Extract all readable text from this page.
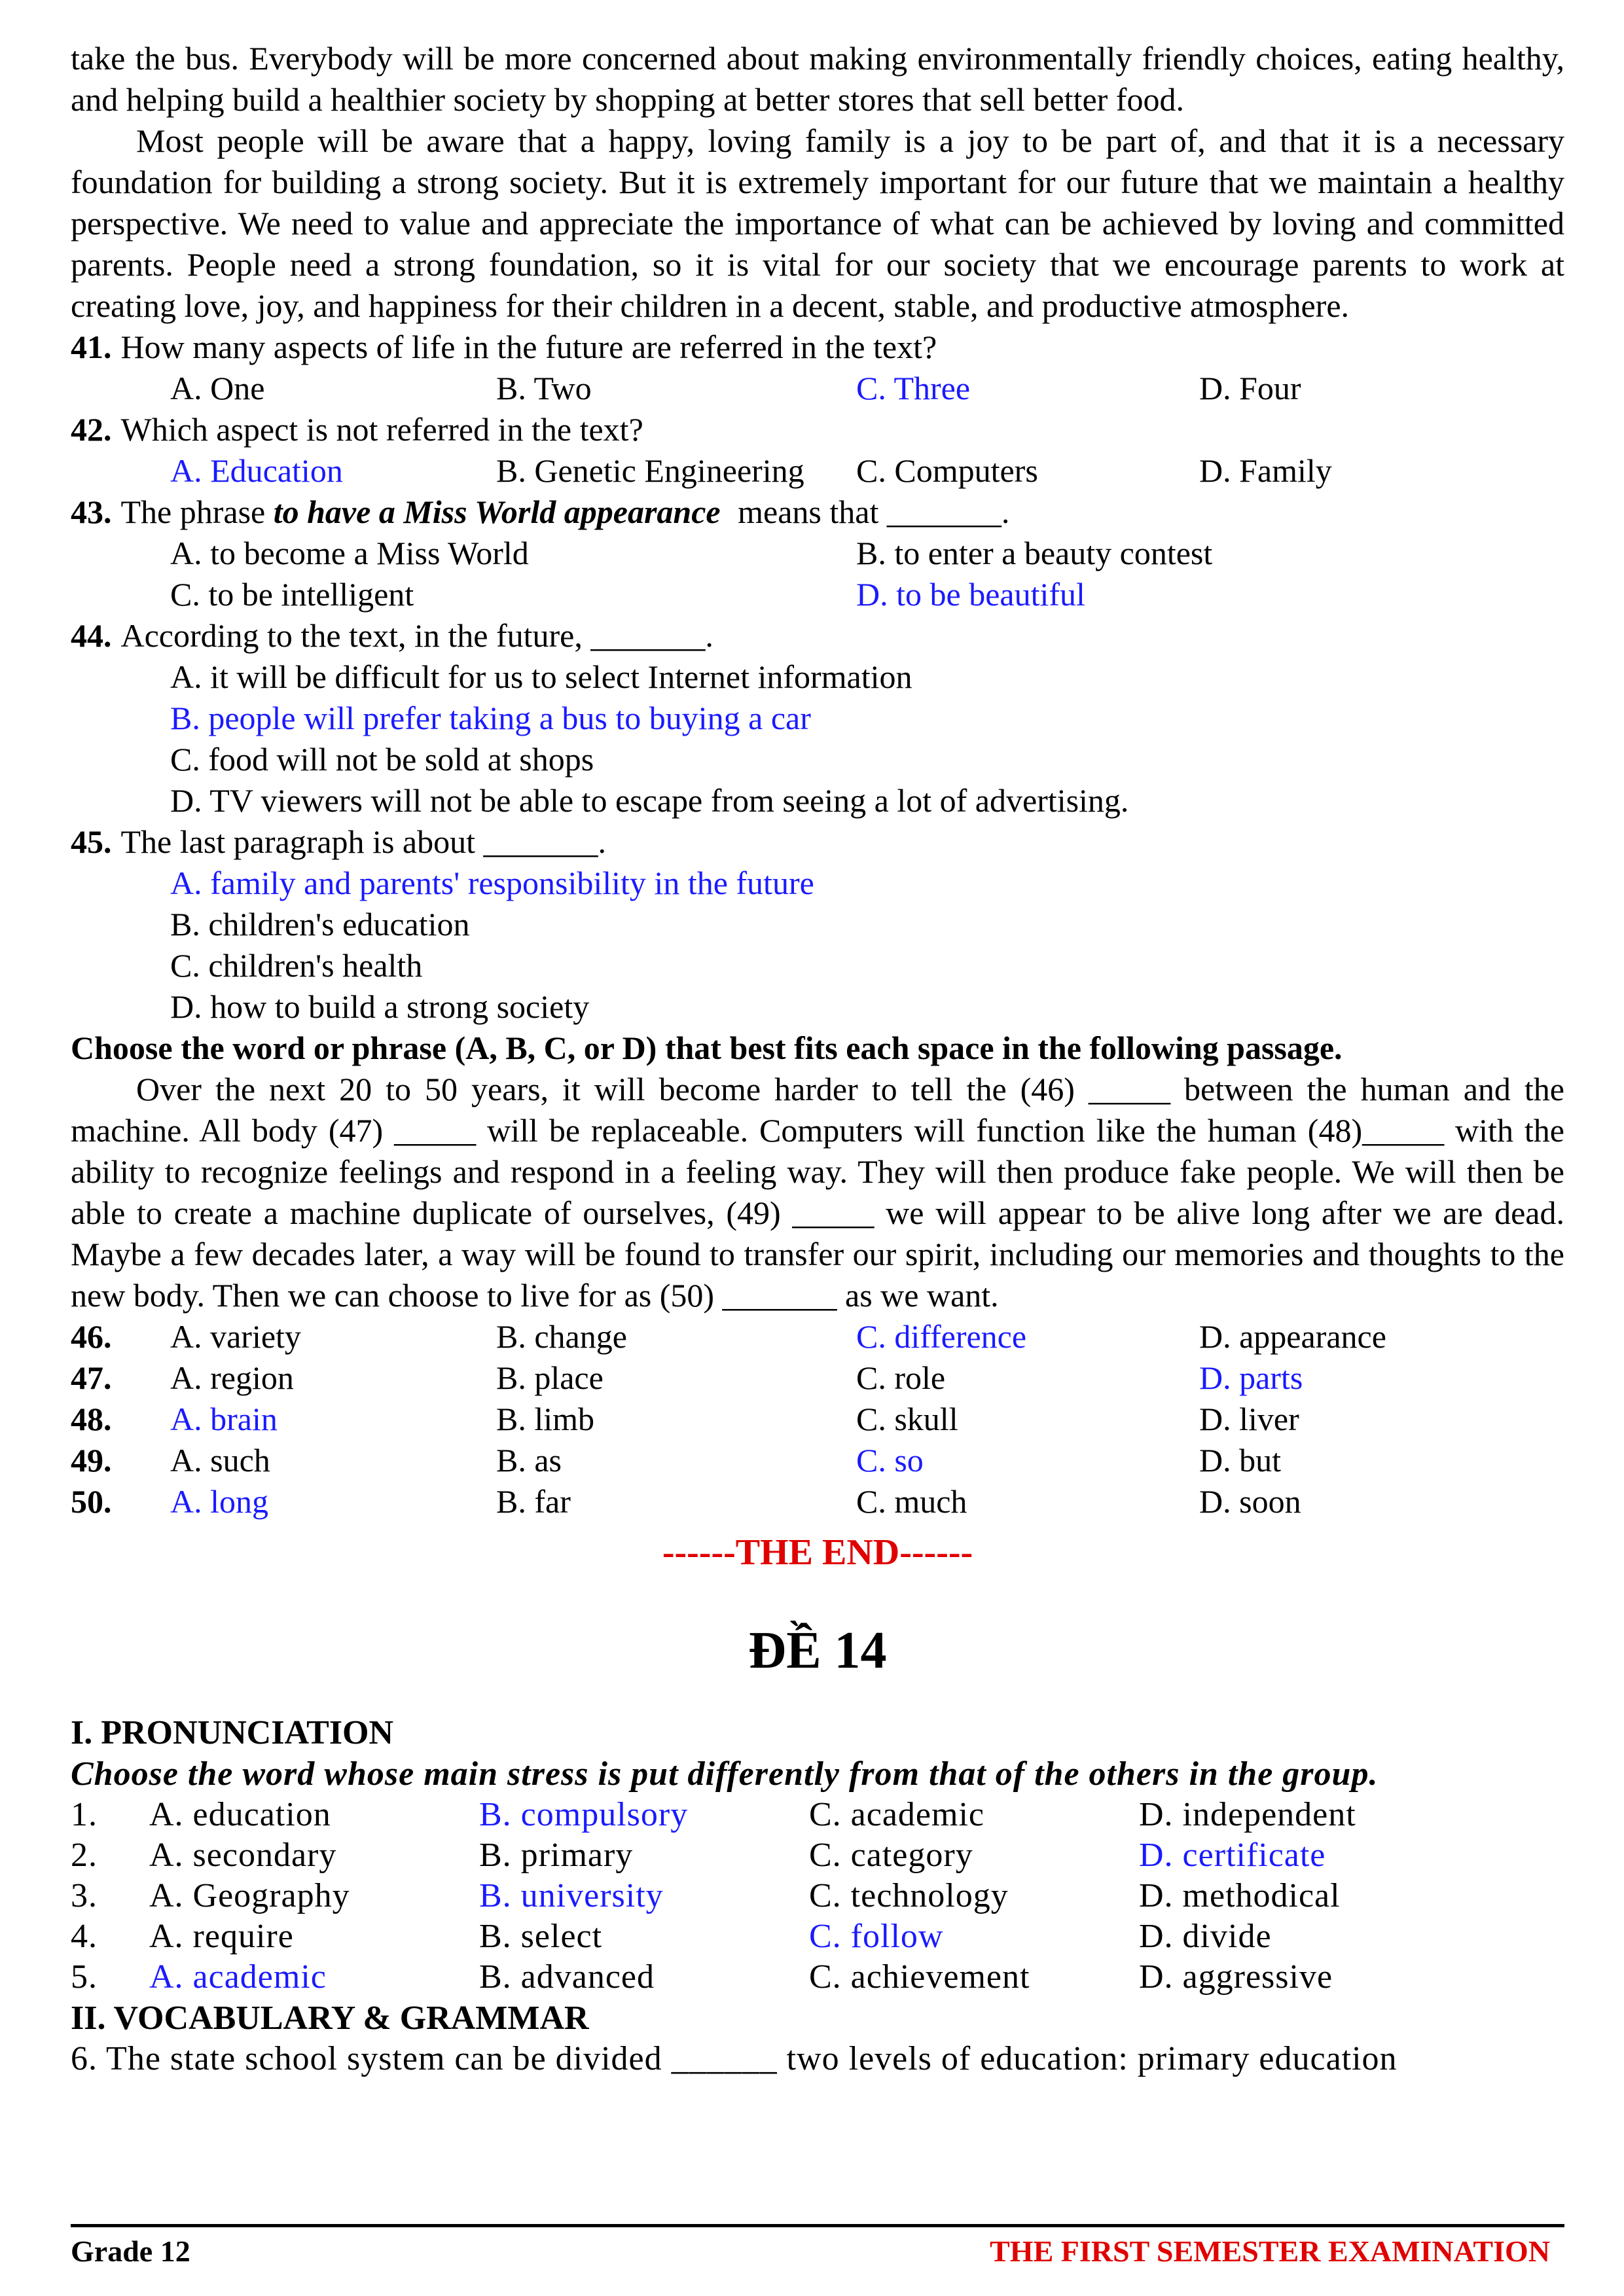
take the bus. Everybody will be more concerned about making environmentally friendly choices, eating healthy, and helping build a healthier society by shopping at better stores that sell better food.

Most people will be aware that a happy, loving family is a joy to be part of, and that it is a necessary foundation for building a strong society. But it is extremely important for our future that we maintain a healthy perspective. We need to value and appreciate the importance of what can be achieved by loving and committed parents. People need a strong foundation, so it is vital for our society that we encourage parents to work at creating love, joy, and happiness for their children in a decent, stable, and productive atmosphere.

41. How many aspects of life in the future are referred in the text?

A. One	B. Two	C. Three	D. Four

42. Which aspect is not referred in the text?

A. Education	B. Genetic Engineering C. Computers	D. Family

43. The phrase to have a Miss World appearance means that _______.

A. to become a Miss World	B. to enter a beauty contest
C. to be intelligent	D. to be beautiful

44. According to the text, in the future, _______.

A. it will be difficult for us to select Internet information
B. people will prefer taking a bus to buying a car
C. food will not be sold at shops
D. TV viewers will not be able to escape from seeing a lot of advertising.

45. The last paragraph is about _______.

A. family and parents' responsibility in the future
B. children's education
C. children's health
D. how to build a strong society

Choose the word or phrase (A, B, C, or D) that best fits each space in the following passage.

Over the next 20 to 50 years, it will become harder to tell the (46) _____ between the human and the machine. All body (47) _____ will be replaceable. Computers will function like the human (48)_____ with the ability to recognize feelings and respond in a feeling way. They will then produce fake people. We will then be able to create a machine duplicate of ourselves, (49) _____ we will appear to be alive long after we are dead. Maybe a few decades later, a way will be found to transfer our spirit, including our memories and thoughts to the new body. Then we can choose to live for as (50) _______ as we want.

46. A. variety	B. change	C. difference	D. appearance
47. A. region	B. place	C. role	D. parts
48. A. brain	B. limb	C. skull	D. liver
49. A. such	B. as	C. so	D. but
50. A. long	B. far	C. much	D. soon
------THE END------
ĐỀ 14

I. PRONUNCIATION

Choose the word whose main stress is put differently from that of the others in the group.

1. A. education	B. compulsory	C. academic	D. independent
2. A. secondary	B. primary	C. category	D. certificate
3. A. Geography	B. university	C. technology	D. methodical
4. A. require	B. select	C. follow	D. divide
5. A. academic	B. advanced	C. achievement	D. aggressive

II. VOCABULARY & GRAMMAR

6. The state school system can be divided ______ two levels of education: primary education

Grade 12	THE FIRST SEMESTER EXAMINATION
